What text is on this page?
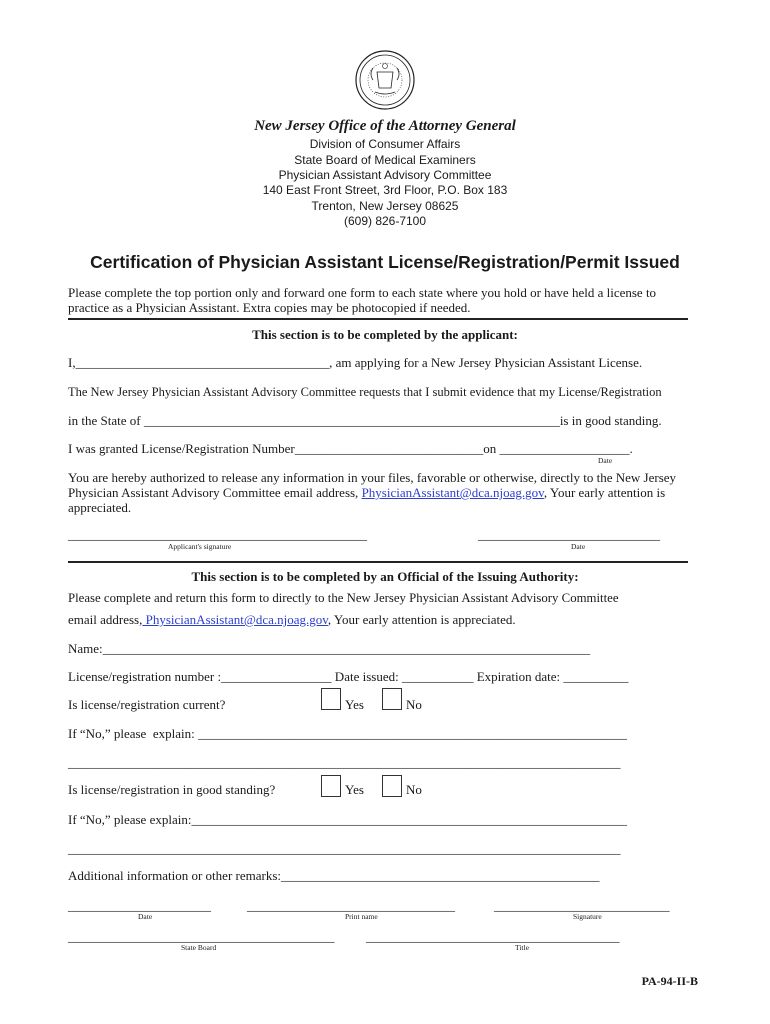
New Jersey Office of the Attorney General
Division of Consumer Affairs
State Board of Medical Examiners
Physician Assistant Advisory Committee
140 East Front Street, 3rd Floor, P.O. Box 183
Trenton, New Jersey 08625
(609) 826-7100
Certification of Physician Assistant License/Registration/Permit Issued
Please complete the top portion only and forward one form to each state where you hold or have held a license to practice as a Physician Assistant. Extra copies may be photocopied if needed.
This section is to be completed by the applicant:
I,_______________________________________, am applying for a New Jersey Physician Assistant License.
The New Jersey Physician Assistant Advisory Committee requests that I submit evidence that my License/Registration
in the State of ________________________________________________________________is in good standing.
I was granted License/Registration Number_____________________________on ____________________.
Date
You are hereby authorized to release any information in your files, favorable or otherwise, directly to the New Jersey Physician Assistant Advisory Committee email address, PhysicianAssistant@dca.njoag.gov, Your early attention is appreciated.
______________________________________________
Applicant's signature
____________________________
Date
This section is to be completed by an Official of the Issuing Authority:
Please complete and return this form to directly to the New Jersey Physician Assistant Advisory Committee
email address, PhysicianAssistant@dca.njoag.gov, Your early attention is appreciated.
Name:___________________________________________________________________________
License/registration number :_________________ Date issued: ___________ Expiration date: __________
Is license/registration current?	Yes	No
If “No,” please  explain: __________________________________________________________________
_____________________________________________________________________________________
Is license/registration in good standing?	Yes	No
If “No,” please explain:___________________________________________________________________
_____________________________________________________________________________________
Additional information or other remarks:_________________________________________________
______________________
Date
________________________________
Print name
___________________________
Signature
_________________________________________
State Board
_______________________________________
Title
PA-94-II-B
